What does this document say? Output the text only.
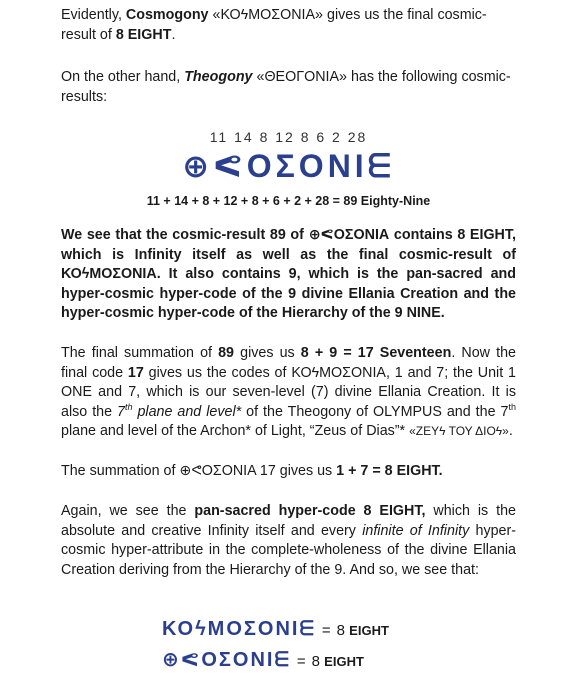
Evidently, Cosmogony «ΚΟϟΜΟΣΟΝΙΑ» gives us the final cosmic-result of 8 EIGHT.

On the other hand, Theogony «ΘΕΟΓΟΝΙΑ» has the following cosmic-results:

11 14 8 12 8 6 2 28
⊕ᕙΟΣΟΝΙᗴ
11 + 14 + 8 + 12 + 8 + 6 + 2 + 28 = 89 Eighty-Nine

We see that the cosmic-result 89 of ⊕ᕙΟΣΟΝΙΑ contains 8 EIGHT, which is Infinity itself as well as the final cosmic-result of ΚΟϟΜΟΣΟΝΙΑ. It also contains 9, which is the pan-sacred and hyper-cosmic hyper-code of the 9 divine Ellania Creation and the hyper-cosmic hyper-code of the Hierarchy of the 9 NINE.

The final summation of 89 gives us 8 + 9 = 17 Seventeen. Now the final code 17 gives us the codes of ΚΟϟΜΟΣΟΝΙΑ, 1 and 7; the Unit 1 ONE and 7, which is our seven-level (7) divine Ellania Creation. It is also the 7th plane and level* of the Theogony of OLYMPUS and the 7th plane and level of the Archon* of Light, “Zeus of Dias”* «ΖΕΥϟ ΤΟΥ ΔΙΟϟ».

The summation of ⊕ᕙΟΣΟΝΙΑ 17 gives us 1 + 7 = 8 EIGHT.

Again, we see the pan-sacred hyper-code 8 EIGHT, which is the absolute and creative Infinity itself and every infinite of Infinity hyper-cosmic hyper-attribute in the complete-wholeness of the divine Ellania Creation deriving from the Hierarchy of the 9. And so, we see that:

ΚΟϟΜΟΣΟΝΙᗴ = 8 EIGHT
⊕ᕙΟΣΟΝΙᗴ = 8 EIGHT
